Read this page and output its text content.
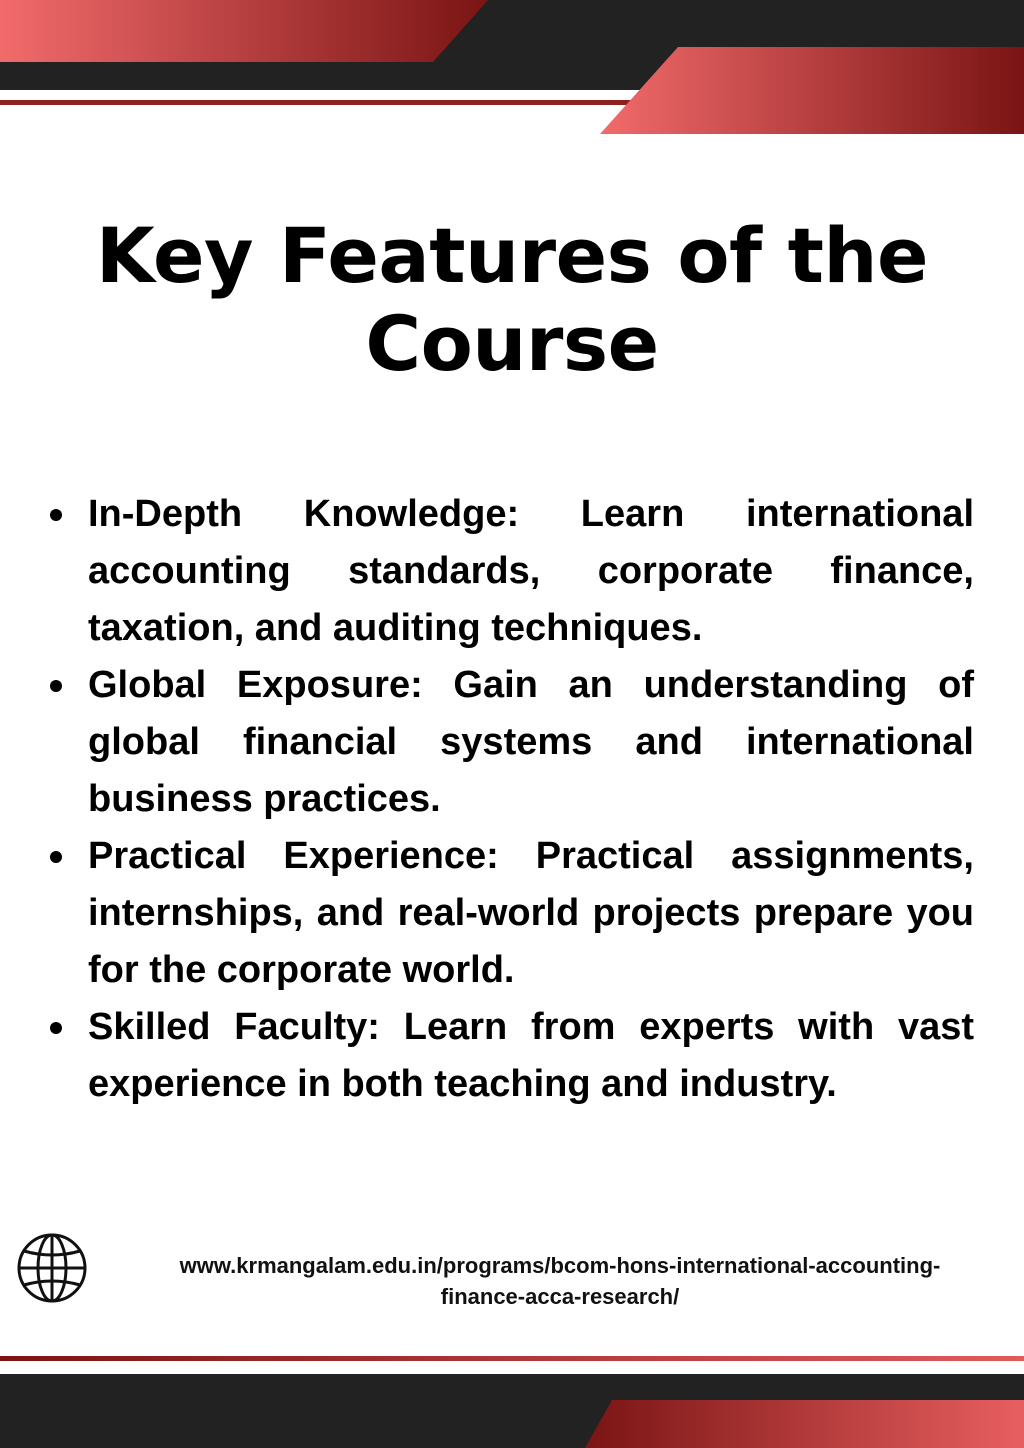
Key Features of the Course
In-Depth Knowledge: Learn international accounting standards, corporate finance, taxation, and auditing techniques.
Global Exposure: Gain an understanding of global financial systems and international business practices.
Practical Experience: Practical assignments, internships, and real-world projects prepare you for the corporate world.
Skilled Faculty: Learn from experts with vast experience in both teaching and industry.
www.krmangalam.edu.in/programs/bcom-hons-international-accounting-
finance-acca-research/
